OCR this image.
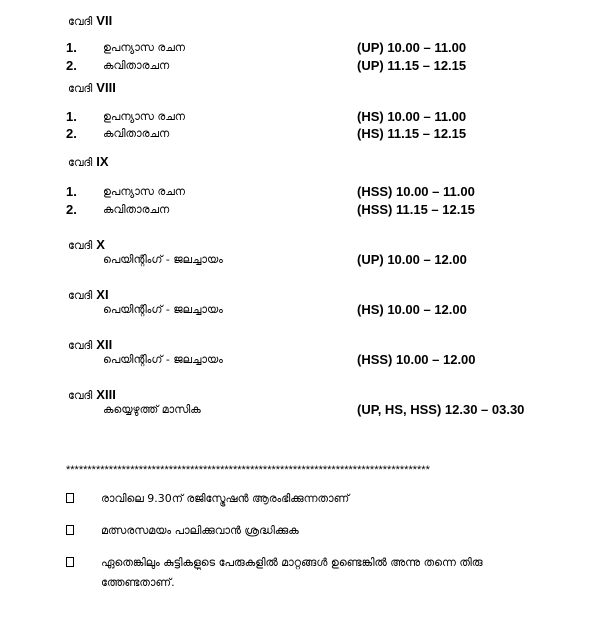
വേദി VII
1. ഉപന്യാസ രചന	(UP) 10.00 – 11.00
2. കവിതാരചന	(UP) 11.15 – 12.15
വേദി VIII
1. ഉപന്യാസ രചന	(HS) 10.00 – 11.00
2. കവിതാരചന	(HS) 11.15 – 12.15
വേദി IX
1. ഉപന്യാസ രചന	(HSS) 10.00 – 11.00
2. കവിതാരചന	(HSS) 11.15 – 12.15
വേദി X
പെയിന്റിംഗ് - ജലച്ചായം	(UP) 10.00 – 12.00
വേദി XI
പെയിന്റിംഗ് - ജലച്ചായം	(HS) 10.00 – 12.00
വേദി XII
പെയിന്റിംഗ് - ജലച്ചായം	(HSS) 10.00 – 12.00
വേദി XIII
കയ്യെഴുത്ത് മാസിക	(UP, HS, HSS) 12.30 – 03.30
*************************************************************************************
രാവിലെ 9.30ന് രജിസ്ട്രേഷൻ ആരംഭിക്കുന്നതാണ്
മത്സരസമയം പാലിക്കുവാൻ ശ്രദ്ധിക്കുക
ഏതെങ്കിലും കുട്ടികളുടെ പേരുകളിൽ മാറ്റങ്ങൾ ഉണ്ടെങ്കിൽ അന്നു തന്നെ തിരു
ത്തേണ്ടതാണ്.
